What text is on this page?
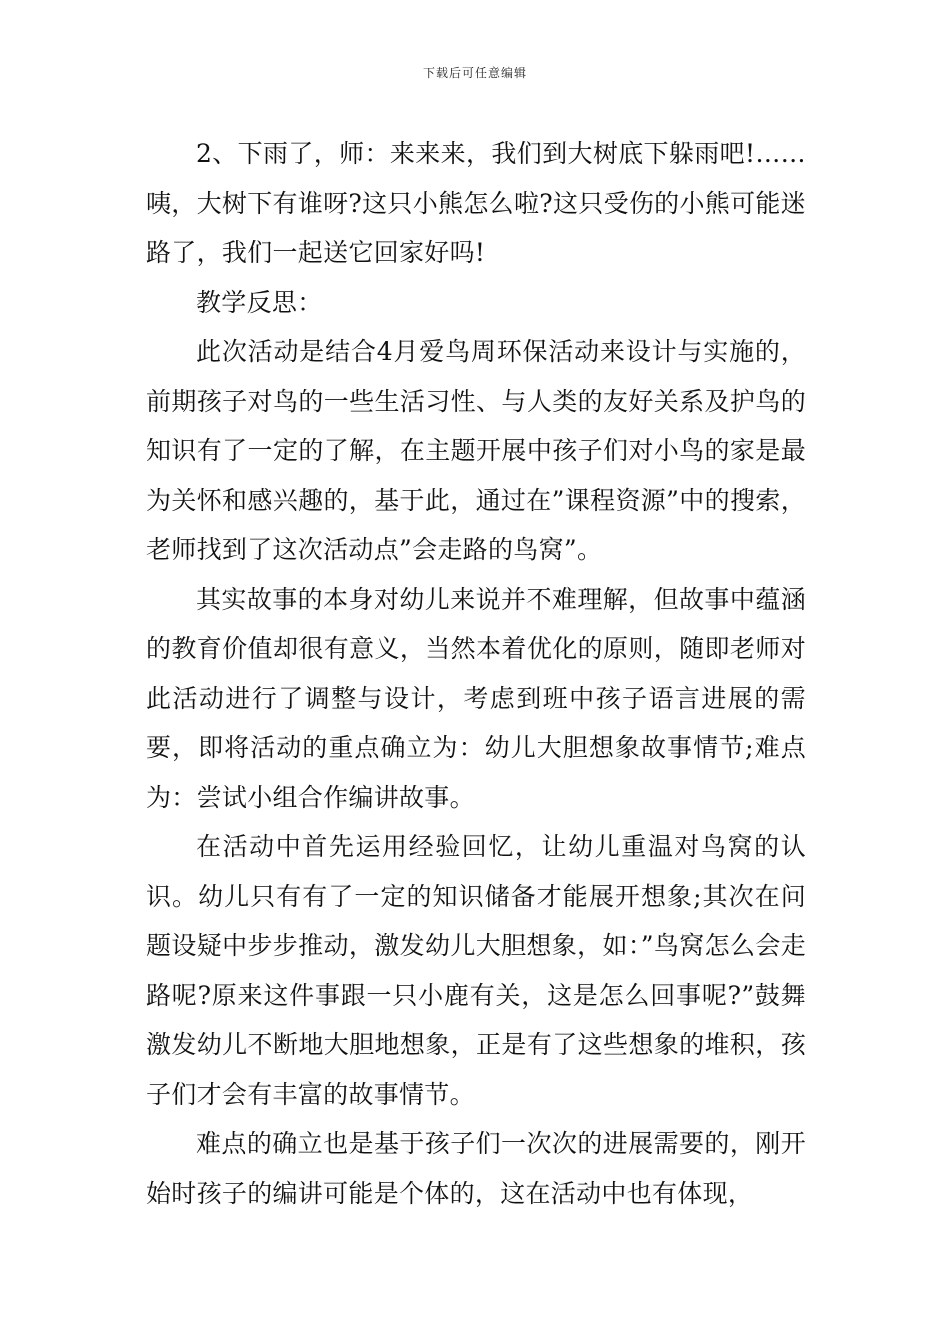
下载后可任意编辑

2、下雨了，师：来来来，我们到大树底下躲雨吧!……咦，大树下有谁呀?这只小熊怎么啦?这只受伤的小熊可能迷路了，我们一起送它回家好吗!

教学反思：

此次活动是结合4月爱鸟周环保活动来设计与实施的，前期孩子对鸟的一些生活习性、与人类的友好关系及护鸟的知识有了一定的了解，在主题开展中孩子们对小鸟的家是最为关怀和感兴趣的，基于此，通过在”课程资源”中的搜索，老师找到了这次活动点”会走路的鸟窝”。

其实故事的本身对幼儿来说并不难理解，但故事中蕴涵的教育价值却很有意义，当然本着优化的原则，随即老师对此活动进行了调整与设计，考虑到班中孩子语言进展的需要，即将活动的重点确立为：幼儿大胆想象故事情节;难点为：尝试小组合作编讲故事。

在活动中首先运用经验回忆，让幼儿重温对鸟窝的认识。幼儿只有有了一定的知识储备才能展开想象;其次在问题设疑中步步推动，激发幼儿大胆想象，如：”鸟窝怎么会走路呢?原来这件事跟一只小鹿有关，这是怎么回事呢?”鼓舞激发幼儿不断地大胆地想象，正是有了这些想象的堆积，孩子们才会有丰富的故事情节。

难点的确立也是基于孩子们一次次的进展需要的，刚开始时孩子的编讲可能是个体的，这在活动中也有体现，
